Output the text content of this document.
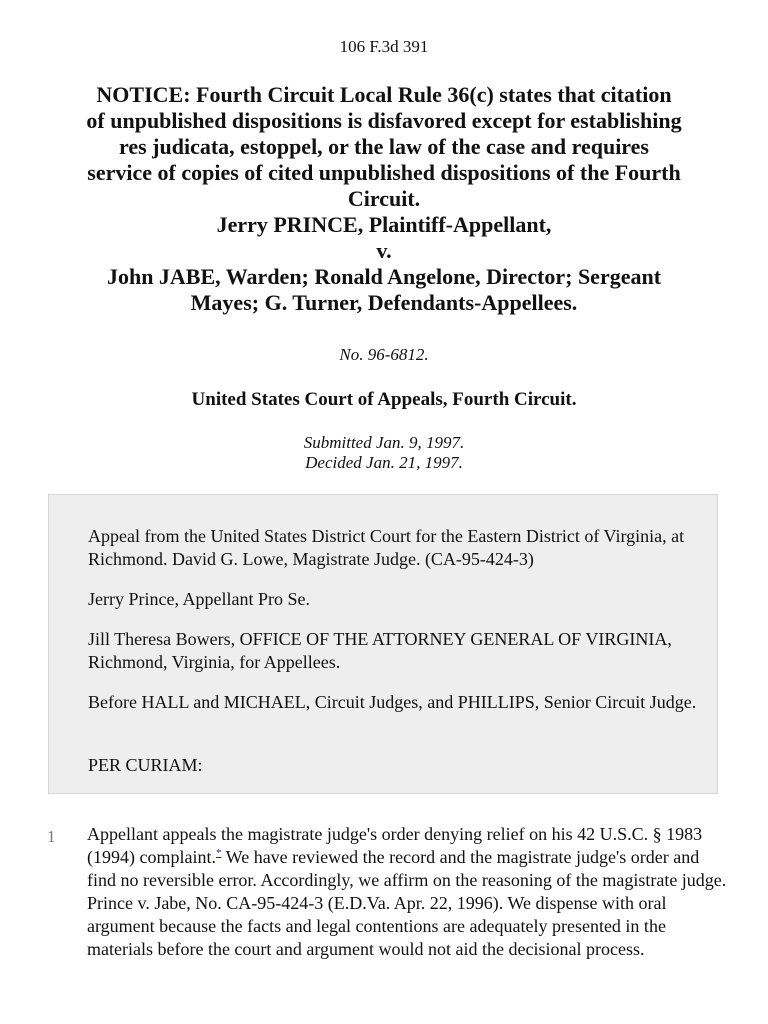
106 F.3d 391
NOTICE: Fourth Circuit Local Rule 36(c) states that citation
of unpublished dispositions is disfavored except for establishing
res judicata, estoppel, or the law of the case and requires
service of copies of cited unpublished dispositions of the Fourth
Circuit.
Jerry PRINCE, Plaintiff-Appellant,
v.
John JABE, Warden; Ronald Angelone, Director; Sergeant
Mayes; G. Turner, Defendants-Appellees.
No. 96-6812.
United States Court of Appeals, Fourth Circuit.
Submitted Jan. 9, 1997.
Decided Jan. 21, 1997.

Appeal from the United States District Court for the Eastern District of Virginia, at Richmond. David G. Lowe, Magistrate Judge. (CA-95-424-3)

Jerry Prince, Appellant Pro Se.

Jill Theresa Bowers, OFFICE OF THE ATTORNEY GENERAL OF VIRGINIA, Richmond, Virginia, for Appellees.

Before HALL and MICHAEL, Circuit Judges, and PHILLIPS, Senior Circuit Judge.

PER CURIAM:

1 Appellant appeals the magistrate judge's order denying relief on his 42 U.S.C. § 1983 (1994) complaint.* We have reviewed the record and the magistrate judge's order and find no reversible error. Accordingly, we affirm on the reasoning of the magistrate judge. Prince v. Jabe, No. CA-95-424-3 (E.D.Va. Apr. 22, 1996). We dispense with oral argument because the facts and legal contentions are adequately presented in the materials before the court and argument would not aid the decisional process.
